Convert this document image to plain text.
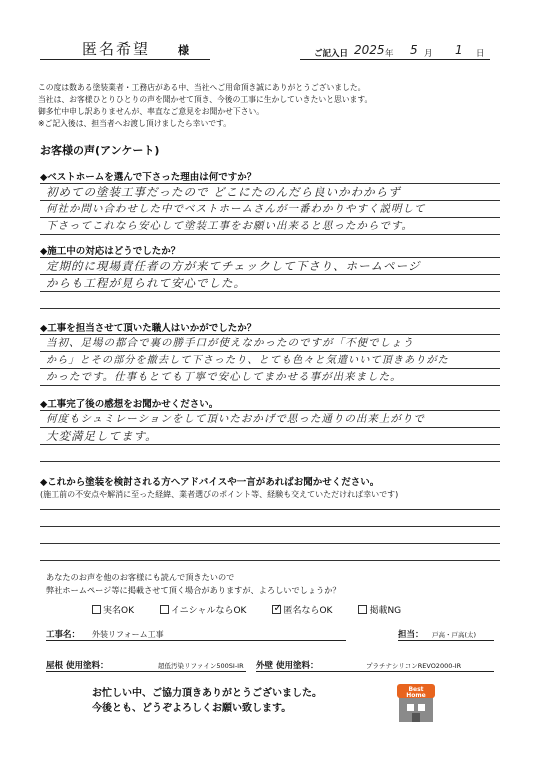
匿名希望	様	ご記入日 2025 年 5 月 1 日
この度は数ある塗装業者・工務店がある中、当社へご用命頂き誠にありがとうございました。
当社は、お客様ひとりひとりの声を聞かせて頂き、今後の工事に生かしていきたいと思います。
御多忙中申し訳ありませんが、率直なご意見をお聞かせ下さい。
※ご記入後は、担当者へお渡し頂けましたら幸いです。
お客様の声(アンケート)
◆ベストホームを選んで下さった理由は何ですか？
初めての塗装工事だったので どこにたのんだら良いかわからず
何社か問い合わせした中でベストホームさんが一番わかりやすく説明して
下さってこれなら安心して塗装工事をお願い出来ると思ったからです。
◆施工中の対応はどうでしたか？
定期的に現場責任者の方が来てチェックして下さり、ホームページ
からも工程が見られて安心でした。
◆工事を担当させて頂いた職人はいかがでしたか？
当初、足場の都合で裏の勝手口が使えなかったのですが「不便でしょう
から」とその部分を撤去して下さったり、とても色々と気遣いいて頂きありがた
かったです。仕事もとても丁寧で安心してまかせる事が出来ました。
◆工事完了後の感想をお聞かせください。
何度もシュミレーションをして頂いたおかげで思った通りの出来上がりで
大変満足してます。
◆これから塗装を検討される方へアドバイスや一言があればお聞かせください。
(施工前の不安点や解消に至った経緯、業者選びのポイント等、経験も交えていただければ幸いです)
あなたのお声を他のお客様にも読んで頂きたいので
弊社ホームページ等に掲載させて頂く場合がありますが、よろしいでしょうか？
実名OK	イニシャルならOK
✓	匿名ならOK	掲載NG
工事名： 外装リフォーム工事	担当： 戸高・戸高(太)
屋根 使用塗料：	超低汚染リファイン500SI-IR 外壁 使用塗料：	プラチナシリコンREVO2000-IR
お忙しい中、ご協力頂きありがとうございました。
今後とも、どうぞよろしくお願い致します。
Best
Home
